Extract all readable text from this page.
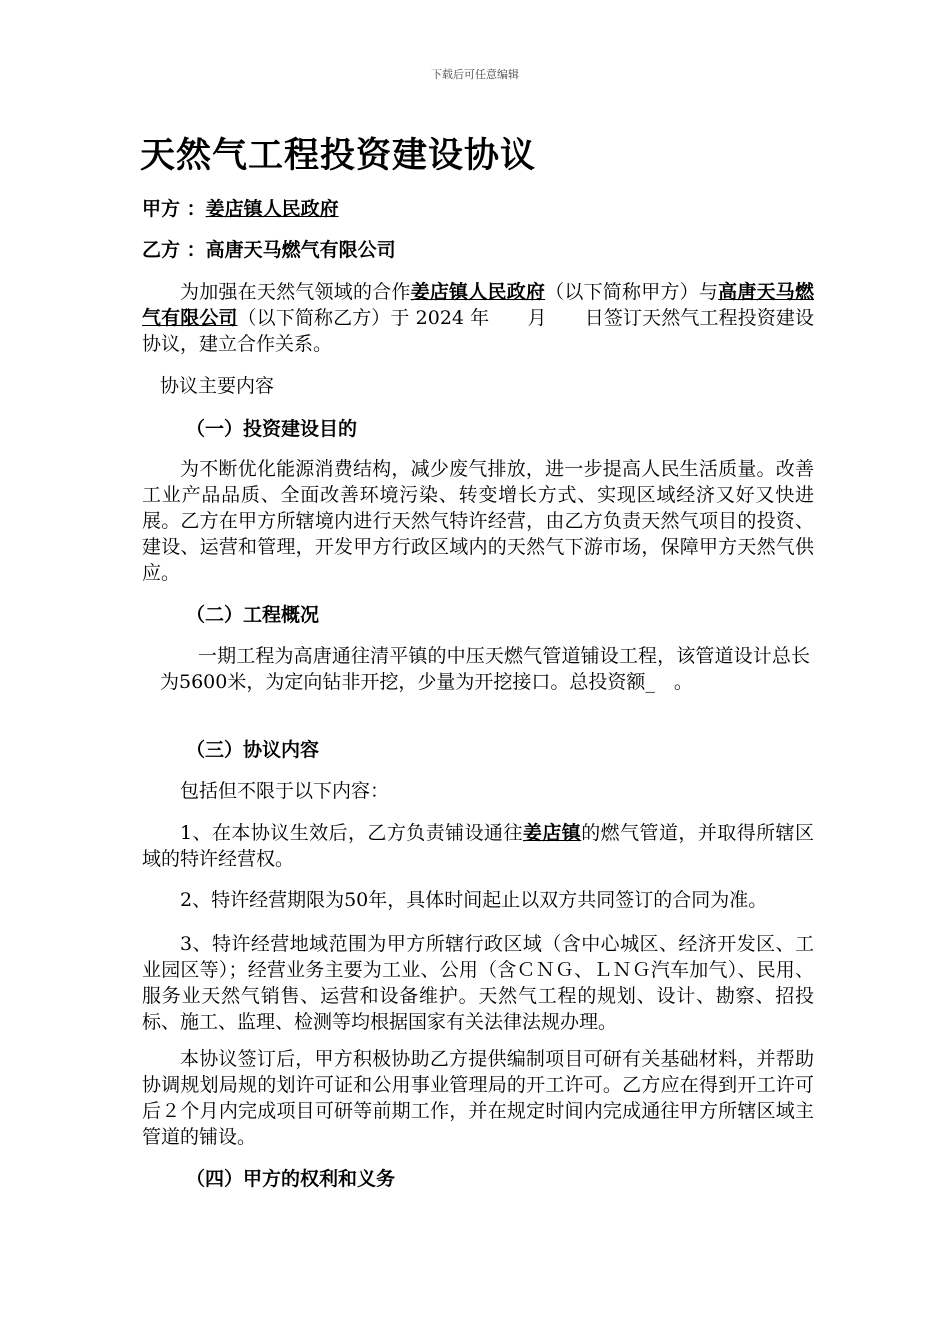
下载后可任意编辑
天然气工程投资建设协议
甲方 ：姜店镇人民政府
乙方 ：高唐天马燃气有限公司

为加强在天然气领域的合作姜店镇人民政府（以下简称甲方）与高唐天马燃气有限公司（以下简称乙方）于 2024 年　　月　　日签订天然气工程投资建设协议，建立合作关系。

协议主要内容

（一）投资建设目的

为不断优化能源消费结构，减少废气排放，进一步提高人民生活质量。改善工业产品品质、全面改善环境污染、转变增长方式、实现区域经济又好又快进展。乙方在甲方所辖境内进行天然气特许经营，由乙方负责天然气项目的投资、建设、运营和管理，开发甲方行政区域内的天然气下游市场，保障甲方天然气供应。

（二）工程概况

一期工程为高唐通往清平镇的中压天燃气管道铺设工程，该管道设计总长为5600米，为定向钻非开挖，少量为开挖接口。总投资额_　。

（三）协议内容

包括但不限于以下内容：

1、在本协议生效后，乙方负责铺设通往姜店镇的燃气管道，并取得所辖区域的特许经营权。

2、特许经营期限为50年，具体时间起止以双方共同签订的合同为准。

3、特许经营地域范围为甲方所辖行政区域（含中心城区、经济开发区、工业园区等）；经营业务主要为工业、公用（含ＣＮＧ、ＬＮＧ汽车加气）、民用、服务业天然气销售、运营和设备维护。天然气工程的规划、设计、勘察、招投标、施工、监理、检测等均根据国家有关法律法规办理。

本协议签订后，甲方积极协助乙方提供编制项目可研有关基础材料，并帮助协调规划局规的划许可证和公用事业管理局的开工许可。乙方应在得到开工许可后２个月内完成项目可研等前期工作，并在规定时间内完成通往甲方所辖区域主管道的铺设。

（四）甲方的权利和义务
